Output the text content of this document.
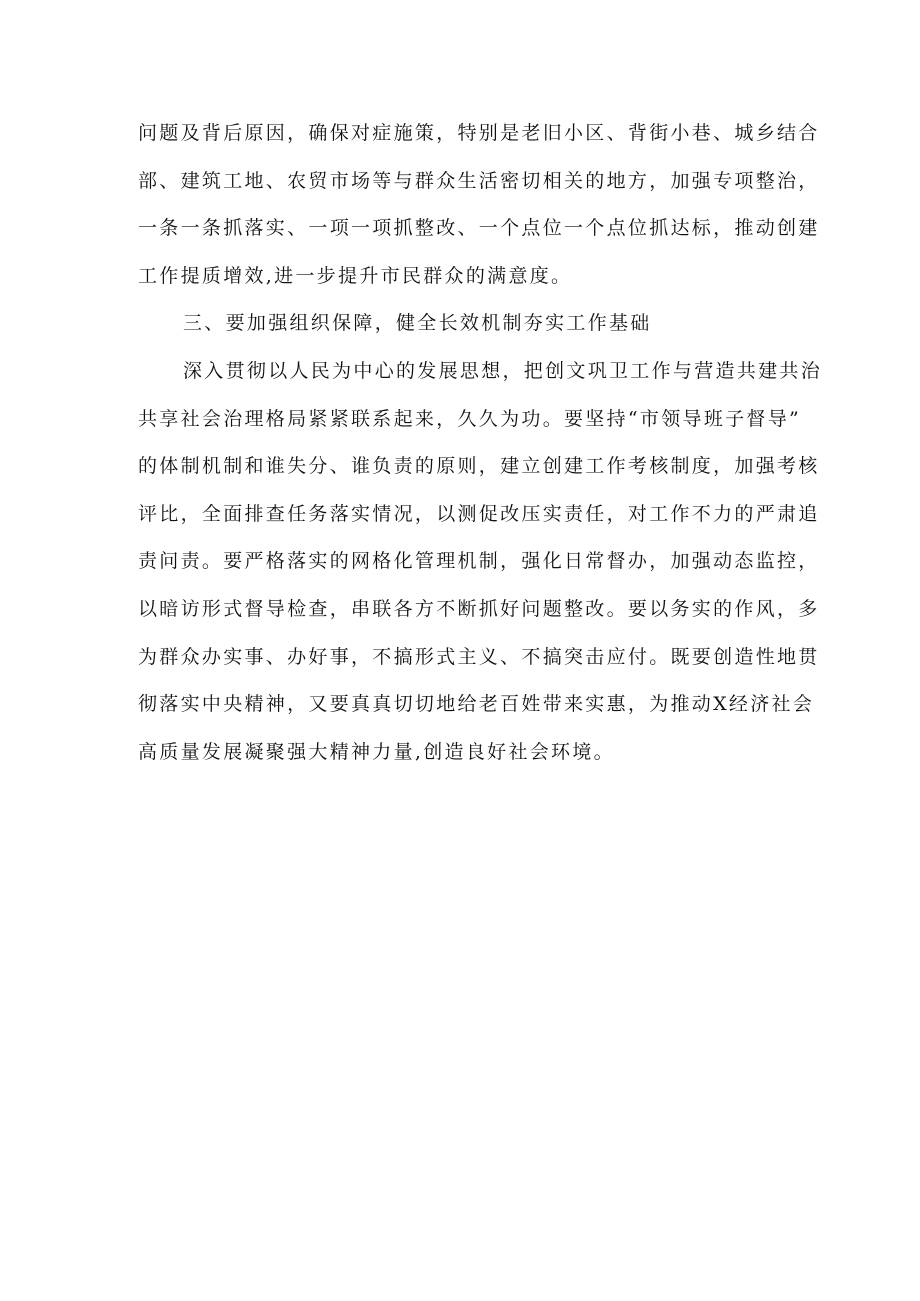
问题及背后原因，确保对症施策，特别是老旧小区、背街小巷、城乡结合
部、建筑工地、农贸市场等与群众生活密切相关的地方，加强专项整治，
一条一条抓落实、一项一项抓整改、一个点位一个点位抓达标，推动创建
工作提质增效,进一步提升市民群众的满意度。
三、要加强组织保障，健全长效机制夯实工作基础
深入贯彻以人民为中心的发展思想，把创文巩卫工作与营造共建共治
共享社会治理格局紧紧联系起来，久久为功。要坚持“市领导班子督导”
的体制机制和谁失分、谁负责的原则，建立创建工作考核制度，加强考核
评比，全面排查任务落实情况，以测促改压实责任，对工作不力的严肃追
责问责。要严格落实的网格化管理机制，强化日常督办，加强动态监控，
以暗访形式督导检查，串联各方不断抓好问题整改。要以务实的作风，多
为群众办实事、办好事，不搞形式主义、不搞突击应付。既要创造性地贯
彻落实中央精神，又要真真切切地给老百姓带来实惠，为推动X经济社会
高质量发展凝聚强大精神力量,创造良好社会环境。
